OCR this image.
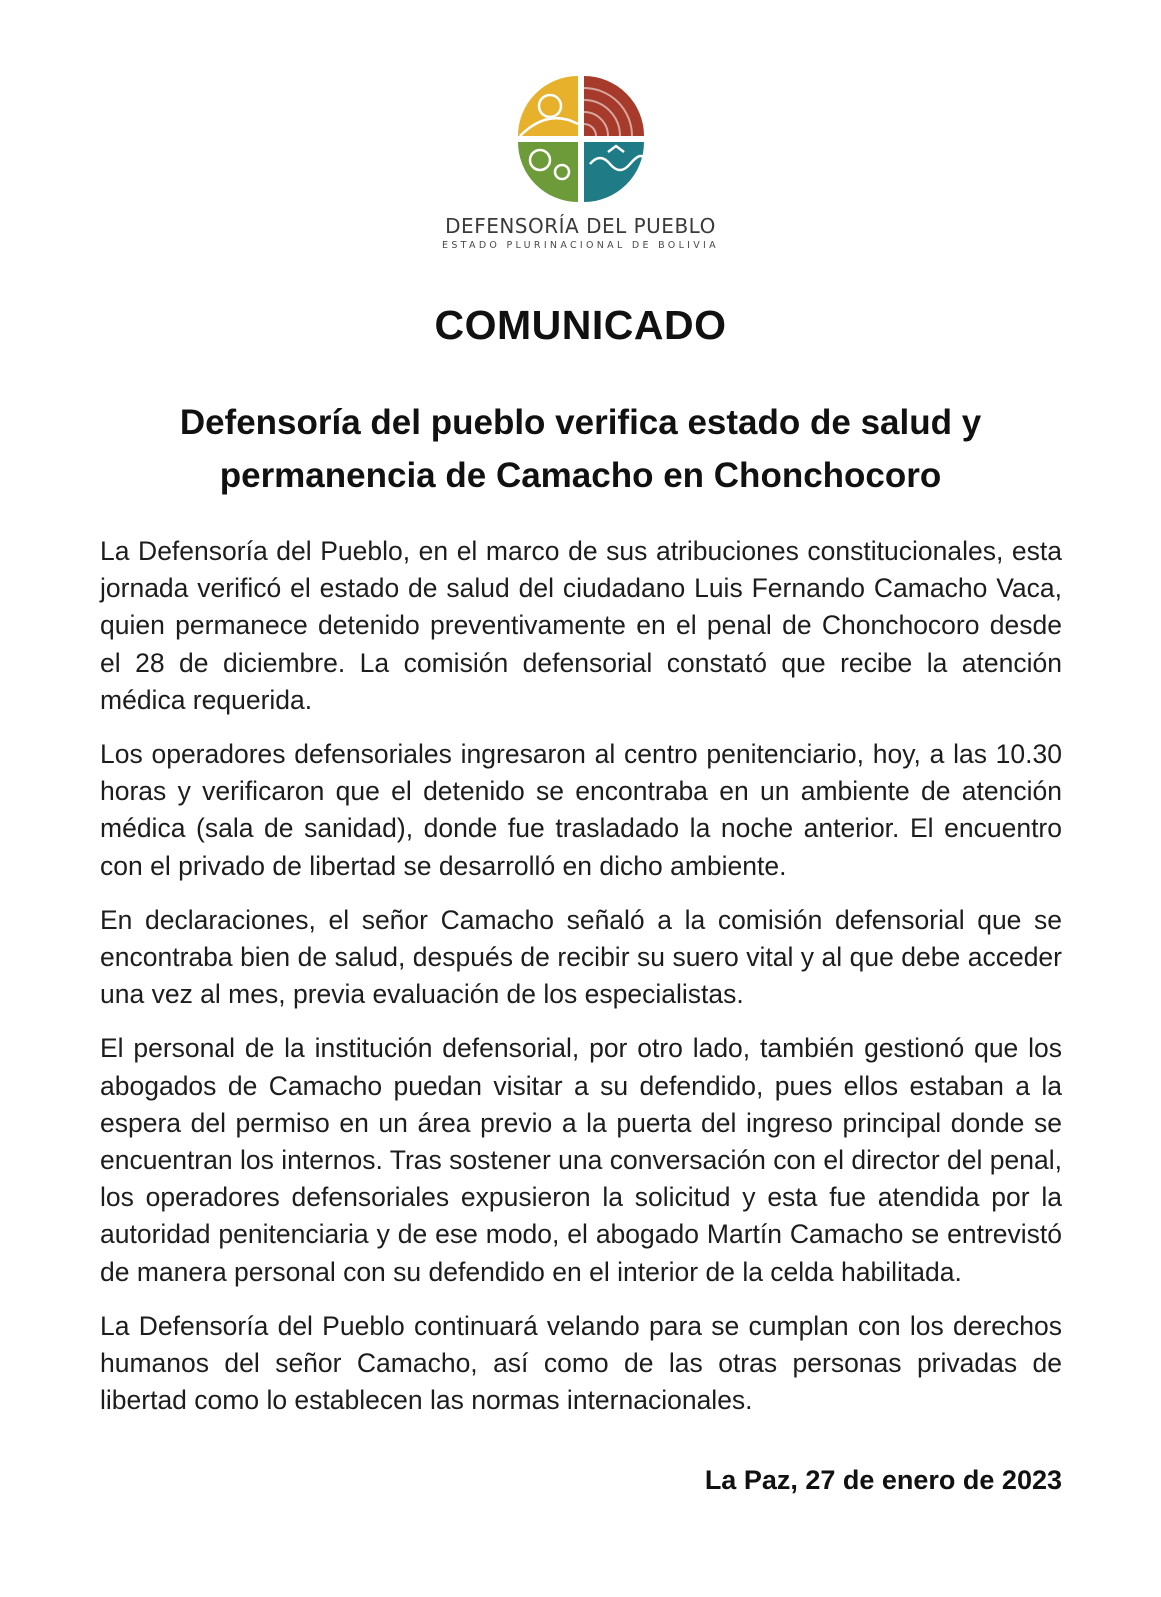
DEFENSORÍA DEL PUEBLO
ESTADO PLURINACIONAL DE BOLIVIA
COMUNICADO
Defensoría del pueblo verifica estado de salud y
permanencia de Camacho en Chonchocoro

La Defensoría del Pueblo, en el marco de sus atribuciones constitucionales, esta jornada verificó el estado de salud del ciudadano Luis Fernando Camacho Vaca, quien permanece detenido preventivamente en el penal de Chonchocoro desde el 28 de diciembre. La comisión defensorial constató que recibe la atención médica requerida.

Los operadores defensoriales ingresaron al centro penitenciario, hoy, a las 10.30 horas y verificaron que el detenido se encontraba en un ambiente de atención médica (sala de sanidad), donde fue trasladado la noche anterior. El encuentro con el privado de libertad se desarrolló en dicho ambiente.

En declaraciones, el señor Camacho señaló a la comisión defensorial que se encontraba bien de salud, después de recibir su suero vital y al que debe acceder una vez al mes, previa evaluación de los especialistas.

El personal de la institución defensorial, por otro lado, también gestionó que los abogados de Camacho puedan visitar a su defendido, pues ellos estaban a la espera del permiso en un área previo a la puerta del ingreso principal donde se encuentran los internos. Tras sostener una conversación con el director del penal, los operadores defensoriales expusieron la solicitud y esta fue atendida por la autoridad penitenciaria y de ese modo, el abogado Martín Camacho se entrevistó de manera personal con su defendido en el interior de la celda habilitada.

La Defensoría del Pueblo continuará velando para se cumplan con los derechos humanos del señor Camacho, así como de las otras personas privadas de libertad como lo establecen las normas internacionales.

La Paz, 27 de enero de 2023
